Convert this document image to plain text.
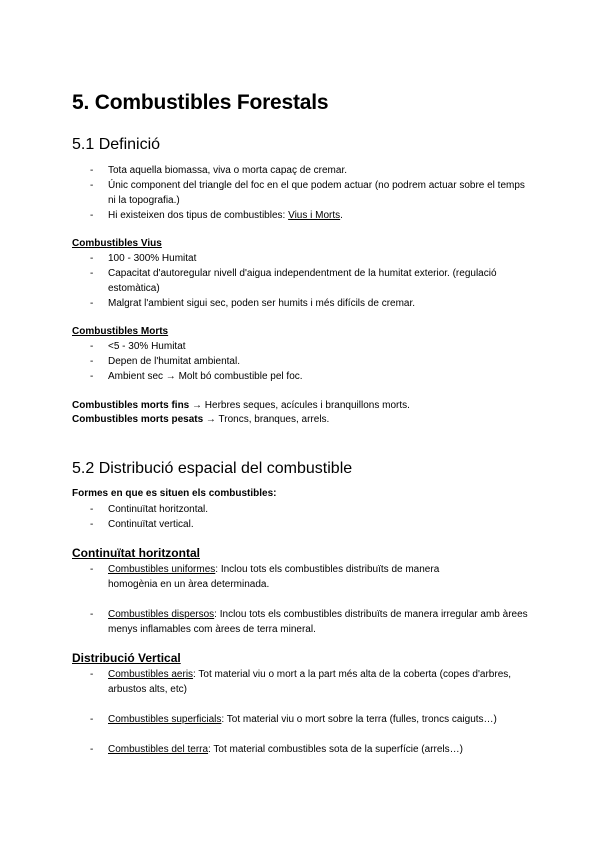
5. Combustibles Forestals
5.1 Definició
- Tota aquella biomassa, viva o morta capaç de cremar.
- Únic component del triangle del foc en el que podem actuar (no podrem actuar sobre el temps ni la topografia.)
- Hi existeixen dos tipus de combustibles: Vius i Morts.
Combustibles Vius
- 100 - 300% Humitat
- Capacitat d'autoregular nivell d'aigua independentment de la humitat exterior. (regulació estomàtica)
- Malgrat l'ambient sigui sec, poden ser humits i més difícils de cremar.
Combustibles Morts
- <5 - 30% Humitat
- Depen de l'humitat ambiental.
- Ambient sec → Molt bó combustible pel foc.
Combustibles morts fins → Herbres seques, acícules i branquillons morts.
Combustibles morts pesats → Troncs, branques, arrels.
5.2 Distribució espacial del combustible
Formes en que es situen els combustibles:
- Continuïtat horitzontal.
- Continuïtat vertical.
Continuïtat horitzontal
- Combustibles uniformes: Inclou tots els combustibles distribuïts de manera homogènia en un àrea determinada.
- Combustibles dispersos: Inclou tots els combustibles distribuïts de manera irregular amb àrees menys inflamables com àrees de terra mineral.
Distribució Vertical
- Combustibles aeris: Tot material viu o mort a la part més alta de la coberta (copes d'arbres, arbustos alts, etc)
- Combustibles superficials: Tot material viu o mort sobre la terra (fulles, troncs caiguts…)
- Combustibles del terra: Tot material combustibles sota de la superfície (arrels…)
